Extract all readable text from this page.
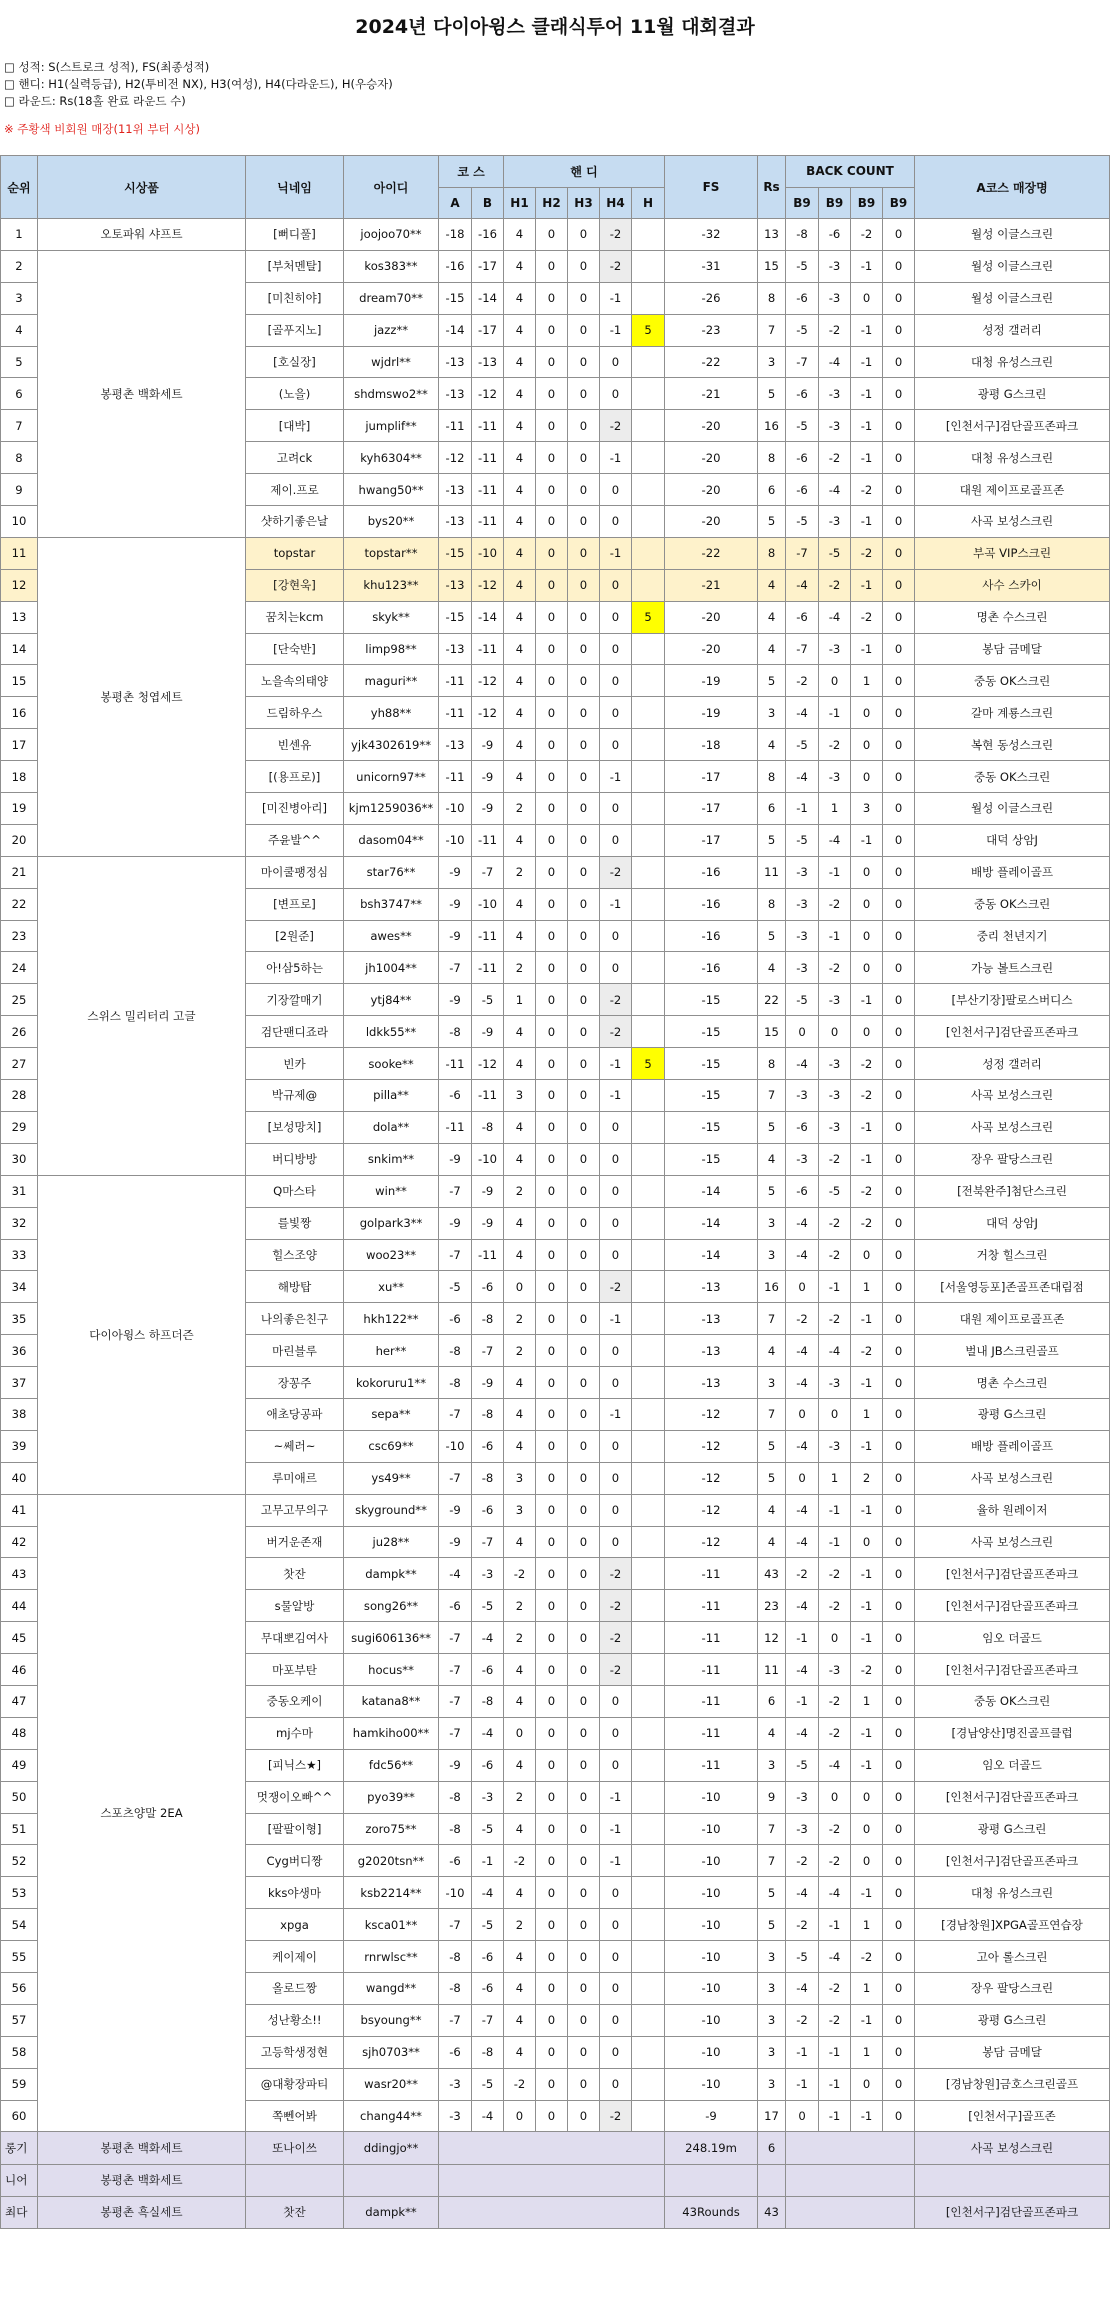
2024년 다이아윙스 클래식투어 11월 대회결과
□ 성적: S(스트로크 성적), FS(최종성적)
□ 핸디: H1(실력등급), H2(투비전 NX), H3(여성), H4(다라운드), H(우승자)
□ 라운드: Rs(18홀 완료 라운드 수)
※ 주황색 비회원 매장(11위 부터 시상)
순위	시상품	닉네임	아이디	코 스		핸 디					FS	Rs	BACK COUNT				A코스 매장명
				A	B	H1	H2	H3	H4	H			B9	B9	B9	B9	
1	오토파워 샤프트	[뻐디풀]	joojoo70**	-18	-16	4	0	0	-2		-32	13	-8	-6	-2	0	월성 이글스크린
2	봉평촌 백화세트	[부처멘탈]	kos383**	-16	-17	4	0	0	-2		-31	15	-5	-3	-1	0	월성 이글스크린
3		[미친히야]	dream70**	-15	-14	4	0	0	-1		-26	8	-6	-3	0	0	월성 이글스크린
4		[골푸지노]	jazz**	-14	-17	4	0	0	-1	5	-23	7	-5	-2	-1	0	성정 갤러리
5		[호실장]	wjdrl**	-13	-13	4	0	0	0		-22	3	-7	-4	-1	0	대청 유성스크린
6		(노을)	shdmswo2**	-13	-12	4	0	0	0		-21	5	-6	-3	-1	0	광평 G스크린
7		[대박]	jumplif**	-11	-11	4	0	0	-2		-20	16	-5	-3	-1	0	[인천서구]검단골프존파크
8		고려ck	kyh6304**	-12	-11	4	0	0	-1		-20	8	-6	-2	-1	0	대청 유성스크린
9		제이.프로	hwang50**	-13	-11	4	0	0	0		-20	6	-6	-4	-2	0	대원 제이프로골프존
10		샷하기좋은날	bys20**	-13	-11	4	0	0	0		-20	5	-5	-3	-1	0	사곡 보성스크린
11	봉평촌 청엽세트	topstar	topstar**	-15	-10	4	0	0	-1		-22	8	-7	-5	-2	0	부곡 VIP스크린
12		[강현욱]	khu123**	-13	-12	4	0	0	0		-21	4	-4	-2	-1	0	사수 스카이
13		꿈치는kcm	skyk**	-15	-14	4	0	0	0	5	-20	4	-6	-4	-2	0	명촌 수스크린
14		[단숙반]	limp98**	-13	-11	4	0	0	0		-20	4	-7	-3	-1	0	봉담 금메달
15		노을속의태양	maguri**	-11	-12	4	0	0	0		-19	5	-2	0	1	0	중동 OK스크린
16		드림하우스	yh88**	-11	-12	4	0	0	0		-19	3	-4	-1	0	0	갈마 계룡스크린
17		빈센유	yjk4302619**	-13	-9	4	0	0	0		-18	4	-5	-2	0	0	복현 동성스크린
18		[(용프로)]	unicorn97**	-11	-9	4	0	0	-1		-17	8	-4	-3	0	0	중동 OK스크린
19		[미진병아리]	kjm1259036**	-10	-9	2	0	0	0		-17	6	-1	1	3	0	월성 이글스크린
20		주윤발^^	dasom04**	-10	-11	4	0	0	0		-17	5	-5	-4	-1	0	대덕 상암J
21	스위스 밀리터리 고글	마이쿨팽정심	star76**	-9	-7	2	0	0	-2		-16	11	-3	-1	0	0	배방 플레이골프
22		[변프로]	bsh3747**	-9	-10	4	0	0	-1		-16	8	-3	-2	0	0	중동 OK스크린
23		[2원준]	awes**	-9	-11	4	0	0	0		-16	5	-3	-1	0	0	중리 천년지기
24		아!삼5하는	jh1004**	-7	-11	2	0	0	0		-16	4	-3	-2	0	0	가능 볼트스크린
25		기장깔매기	ytj84**	-9	-5	1	0	0	-2		-15	22	-5	-3	-1	0	[부산기장]팔로스버디스
26		검단팬디죠라	ldkk55**	-8	-9	4	0	0	-2		-15	15	0	0	0	0	[인천서구]검단골프존파크
27		빈카	sooke**	-11	-12	4	0	0	-1	5	-15	8	-4	-3	-2	0	성정 갤러리
28		박규제@	pilla**	-6	-11	3	0	0	-1		-15	7	-3	-3	-2	0	사곡 보성스크린
29		[보성망치]	dola**	-11	-8	4	0	0	0		-15	5	-6	-3	-1	0	사곡 보성스크린
30		버디방방	snkim**	-9	-10	4	0	0	0		-15	4	-3	-2	-1	0	장우 팔당스크린
31	다이아윙스 하프더즌	Q마스타	win**	-7	-9	2	0	0	0		-14	5	-6	-5	-2	0	[전북완주]첨단스크린
32		를빛짱	golpark3**	-9	-9	4	0	0	0		-14	3	-4	-2	-2	0	대덕 상암J
33		힐스조양	woo23**	-7	-11	4	0	0	0		-14	3	-4	-2	0	0	거창 힐스크린
34		해방탑	xu**	-5	-6	0	0	0	-2		-13	16	0	-1	1	0	[서울영등포]존골프존대림점
35		나의좋은친구	hkh122**	-6	-8	2	0	0	-1		-13	7	-2	-2	-1	0	대원 제이프로골프존
36		마린블루	her**	-8	-7	2	0	0	0		-13	4	-4	-4	-2	0	벌내 JB스크린골프
37		장꽁주	kokoruru1**	-8	-9	4	0	0	0		-13	3	-4	-3	-1	0	명촌 수스크린
38		애초당공파	sepa**	-7	-8	4	0	0	-1		-12	7	0	0	1	0	광평 G스크린
39		~쎄러~	csc69**	-10	-6	4	0	0	0		-12	5	-4	-3	-1	0	배방 플레이골프
40		루미애르	ys49**	-7	-8	3	0	0	0		-12	5	0	1	2	0	사곡 보성스크린
41	스포츠양말 2EA	고무고무의구	skyground**	-9	-6	3	0	0	0		-12	4	-4	-1	-1	0	율하 원레이저
42		버거운존재	ju28**	-9	-7	4	0	0	0		-12	4	-4	-1	0	0	사곡 보성스크린
43		찻잔	dampk**	-4	-3	-2	0	0	-2		-11	43	-2	-2	-1	0	[인천서구]검단골프존파크
44		s물알방	song26**	-6	-5	2	0	0	-2		-11	23	-4	-2	-1	0	[인천서구]검단골프존파크
45		무대뽀김여사	sugi606136**	-7	-4	2	0	0	-2		-11	12	-1	0	-1	0	임오 더골드
46		마포부탄	hocus**	-7	-6	4	0	0	-2		-11	11	-4	-3	-2	0	[인천서구]검단골프존파크
47		중동오케이	katana8**	-7	-8	4	0	0	0		-11	6	-1	-2	1	0	중동 OK스크린
48		mj수마	hamkiho00**	-7	-4	0	0	0	0		-11	4	-4	-2	-1	0	[경남양산]명진골프클럽
49		[피닉스★]	fdc56**	-9	-6	4	0	0	0		-11	3	-5	-4	-1	0	임오 더골드
50		멋쟁이오빠^^	pyo39**	-8	-3	2	0	0	-1		-10	9	-3	0	0	0	[인천서구]검단골프존파크
51		[팔팔이형]	zoro75**	-8	-5	4	0	0	-1		-10	7	-3	-2	0	0	광평 G스크린
52		Cyg버디짱	g2020tsn**	-6	-1	-2	0	0	-1		-10	7	-2	-2	0	0	[인천서구]검단골프존파크
53		kks야생마	ksb2214**	-10	-4	4	0	0	0		-10	5	-4	-4	-1	0	대청 유성스크린
54		xpga	ksca01**	-7	-5	2	0	0	0		-10	5	-2	-1	1	0	[경남창원]XPGA골프연습장
55		케이제이	rnrwlsc**	-8	-6	4	0	0	0		-10	3	-5	-4	-2	0	고아 롤스크린
56		올로드짱	wangd**	-8	-6	4	0	0	0		-10	3	-4	-2	1	0	장우 팔당스크린
57		성난황소!!	bsyoung**	-7	-7	4	0	0	0		-10	3	-2	-2	-1	0	광평 G스크린
58		고등학생정현	sjh0703**	-6	-8	4	0	0	0		-10	3	-1	-1	1	0	봉담 금메달
59		@대황장파티	wasr20**	-3	-5	-2	0	0	0		-10	3	-1	-1	0	0	[경남창원]금호스크린골프
60		쪽뻰어봐	chang44**	-3	-4	0	0	0	-2		-9	17	0	-1	-1	0	[인천서구]골프존
롱기	봉평촌 백화세트	또나이쓰	ddingjo**								248.19m	6					사곡 보성스크린
니어	봉평촌 백화세트																
최다	봉평촌 흑실세트	찻잔	dampk**								43Rounds	43					[인천서구]검단골프존파크
